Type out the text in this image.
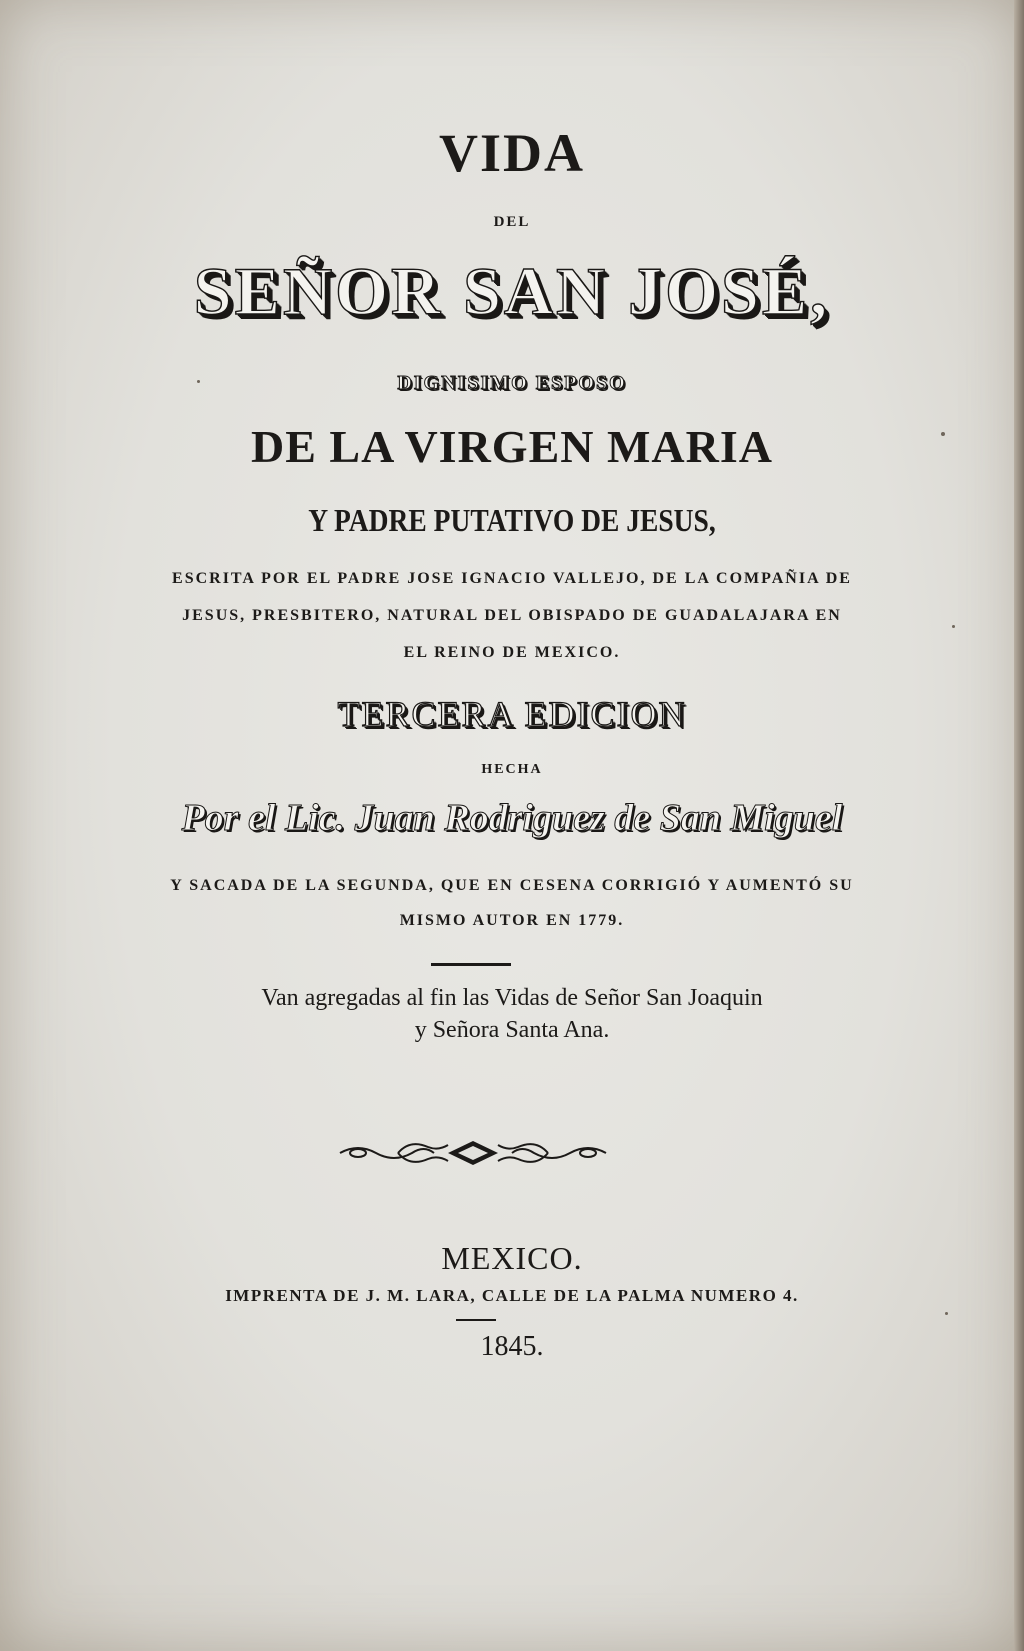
VIDA
DEL
SEÑOR SAN JOSÉ,
DIGNISIMO ESPOSO
DE LA VIRGEN MARIA
Y PADRE PUTATIVO DE JESUS,
ESCRITA POR EL PADRE JOSE IGNACIO VALLEJO, DE LA COMPAÑIA DE
JESUS, PRESBITERO, NATURAL DEL OBISPADO DE GUADALAJARA EN
EL REINO DE MEXICO.
TERCERA EDICION
HECHA
Por el Lic. Juan Rodriguez de San Miguel
Y SACADA DE LA SEGUNDA, QUE EN CESENA CORRIGIÓ Y AUMENTÓ SU
MISMO AUTOR EN 1779.
Van agregadas al fin las Vidas de Señor San Joaquin
y Señora Santa Ana.
MEXICO.
IMPRENTA DE J. M. LARA, CALLE DE LA PALMA NUMERO 4.
1845.
